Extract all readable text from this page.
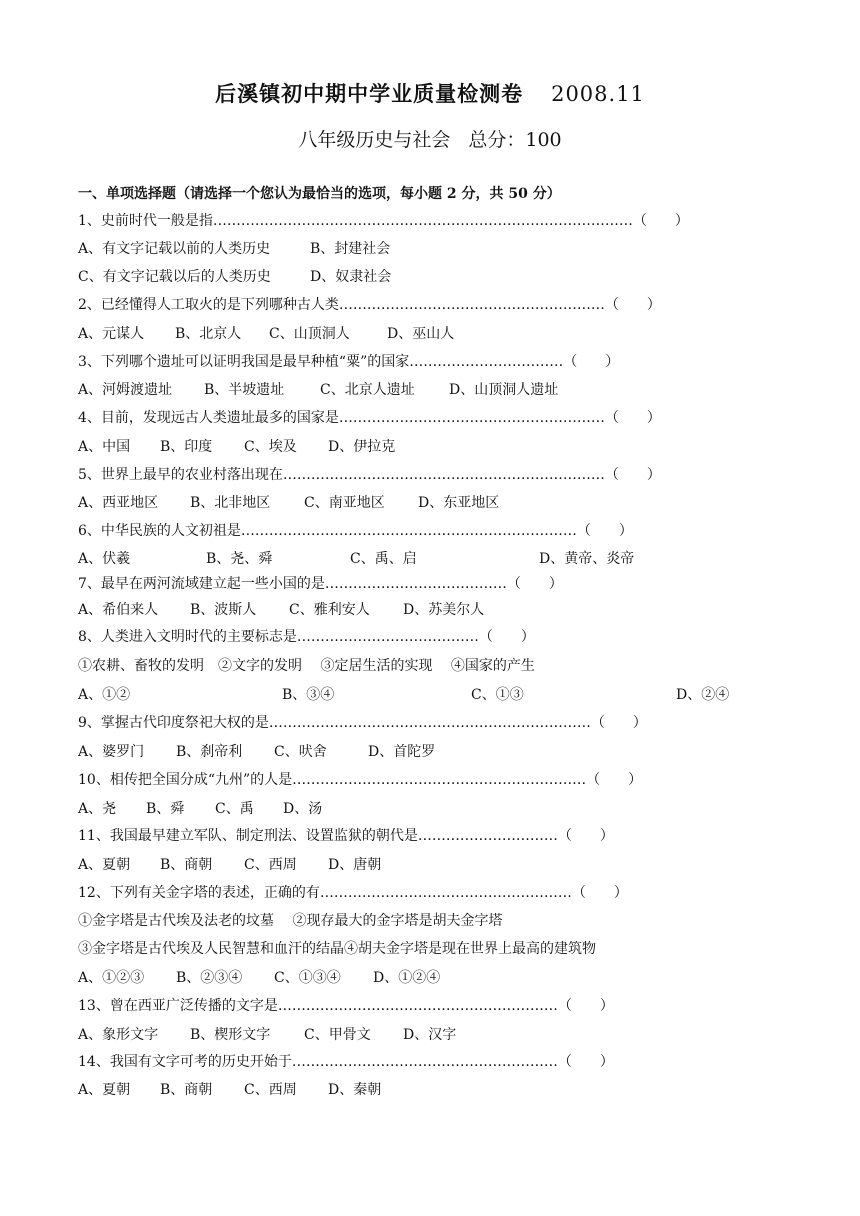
后溪镇初中期中学业质量检测卷 2008.11
八年级历史与社会 总分：100
一、单项选择题（请选择一个您认为最恰当的选项，每小题 2 分，共 50 分）
1、史前时代一般是指………………………………………………………………………………（　　）
A、有文字记载以前的人类历史	B、封建社会
C、有文字记载以后的人类历史	D、奴隶社会
2、已经懂得人工取火的是下列哪种古人类…………………………………………………（　　）
A、元谋人 B、北京人 C、山顶洞人	D、巫山人
3、下列哪个遗址可以证明我国是最早种植“粟”的国家……………………………（　　）
A、河姆渡遗址 B、半坡遗址	C、北京人遗址 D、山顶洞人遗址
4、目前，发现远古人类遗址最多的国家是…………………………………………………（　　）
A、中国 B、印度 C、埃及 D、伊拉克
5、世界上最早的农业村落出现在……………………………………………………………（　　）
A、西亚地区 B、北非地区 C、南亚地区 D、东亚地区
6、中华民族的人文初祖是………………………………………………………………（　　）
A、伏羲	B、尧、舜	C、禹、启	D、黄帝、炎帝
7、最早在两河流域建立起一些小国的是…………………………………（　　）
A、希伯来人 B、波斯人 C、雅利安人 D、苏美尔人
8、人类进入文明时代的主要标志是…………………………………（　　）
①农耕、畜牧的发明　②文字的发明　 ③定居生活的实现　 ④国家的产生
A、①②	B、③④	C、①③	D、②④
9、掌握古代印度祭祀大权的是……………………………………………………………（　　）
A、婆罗门 B、刹帝利 C、吠舍	D、首陀罗
10、相传把全国分成“九州”的人是………………………………………………………（　　）
A、尧 B、舜 C、禹 D、汤
11、我国最早建立军队、制定刑法、设置监狱的朝代是…………………………（　　）
A、夏朝 B、商朝 C、西周 D、唐朝
12、下列有关金字塔的表述，正确的有………………………………………………（　　）
①金字塔是古代埃及法老的坟墓　 ②现存最大的金字塔是胡夫金字塔
③金字塔是古代埃及人民智慧和血汗的结晶④胡夫金字塔是现在世界上最高的建筑物
A、①②③ B、②③④ C、①③④ D、①②④
13、曾在西亚广泛传播的文字是……………………………………………………（　　）
A、象形文字 B、楔形文字 C、甲骨文 D、汉字
14、我国有文字可考的历史开始于…………………………………………………（　　）
A、夏朝 B、商朝 C、西周 D、秦朝
